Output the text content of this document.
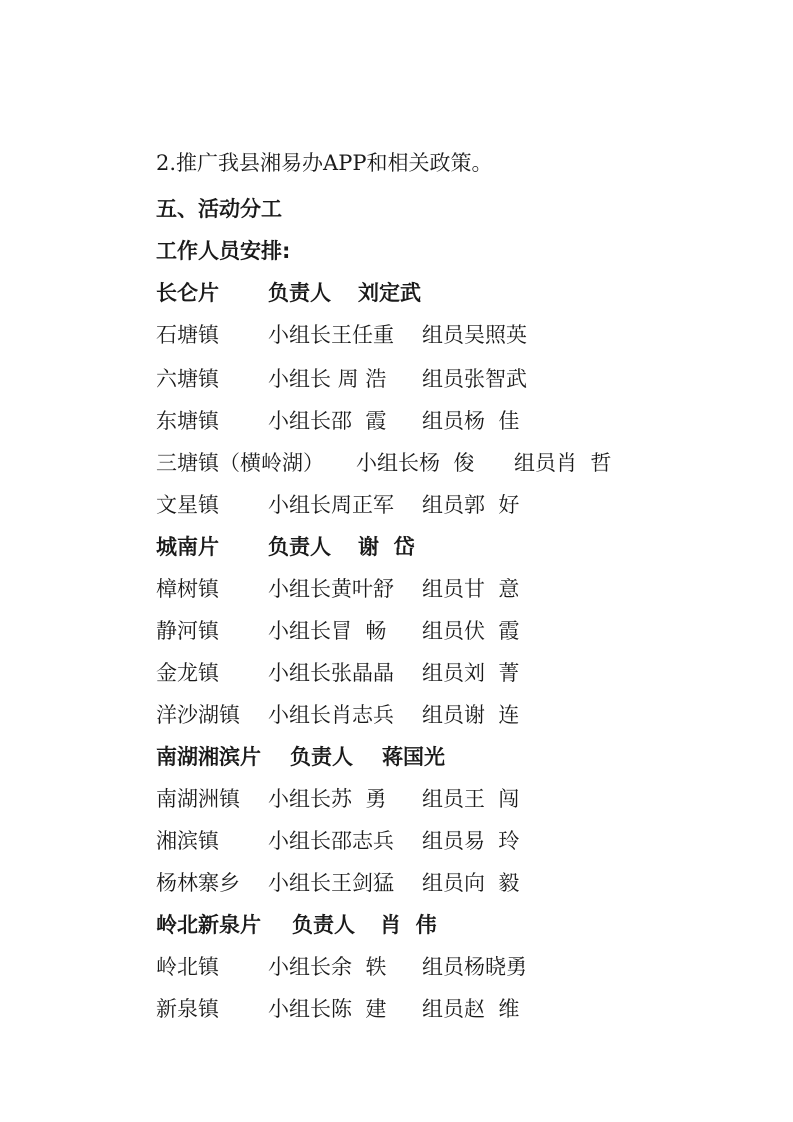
2.推广我县湘易办APP和相关政策。
五、活动分工
工作人员安排:
长仑片 负责人 刘定武
石塘镇 小组长王任重 组员吴照英
六塘镇 小组长 周 浩 组员张智武
东塘镇 小组长邵  霞 组员杨  佳
三塘镇（横岭湖） 小组长杨  俊 组员肖  哲
文星镇 小组长周正军 组员郭  好
城南片 负责人 谢  岱
樟树镇 小组长黄叶舒 组员甘  意
静河镇 小组长冒  畅 组员伏  霞
金龙镇 小组长张晶晶 组员刘  菁
洋沙湖镇 小组长肖志兵 组员谢  连
南湖湘滨片 负责人 蒋国光
南湖洲镇 小组长苏  勇 组员王  闯
湘滨镇 小组长邵志兵 组员易  玲
杨林寨乡 小组长王剑猛 组员向  毅
岭北新泉片 负责人 肖  伟
岭北镇 小组长余  轶 组员杨晓勇
新泉镇 小组长陈  建 组员赵  维
